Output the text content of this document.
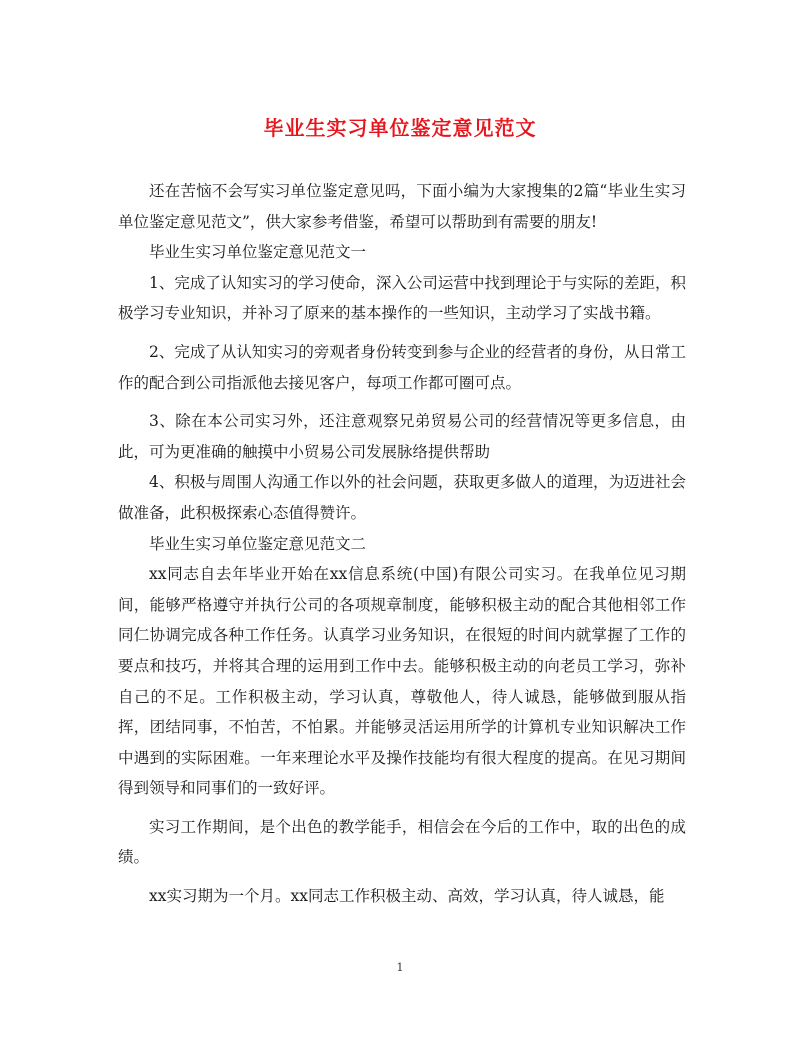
毕业生实习单位鉴定意见范文

还在苦恼不会写实习单位鉴定意见吗，下面小编为大家搜集的2篇“毕业生实习单位鉴定意见范文”，供大家参考借鉴，希望可以帮助到有需要的朋友!

毕业生实习单位鉴定意见范文一

1、完成了认知实习的学习使命，深入公司运营中找到理论于与实际的差距，积极学习专业知识，并补习了原来的基本操作的一些知识，主动学习了实战书籍。

2、完成了从认知实习的旁观者身份转变到参与企业的经营者的身份，从日常工作的配合到公司指派他去接见客户，每项工作都可圈可点。

3、除在本公司实习外，还注意观察兄弟贸易公司的经营情况等更多信息，由此，可为更准确的触摸中小贸易公司发展脉络提供帮助

4、积极与周围人沟通工作以外的社会问题，获取更多做人的道理，为迈进社会做准备，此积极探索心态值得赞许。

毕业生实习单位鉴定意见范文二

xx同志自去年毕业开始在xx信息系统(中国)有限公司实习。在我单位见习期间，能够严格遵守并执行公司的各项规章制度，能够积极主动的配合其他相邻工作同仁协调完成各种工作任务。认真学习业务知识，在很短的时间内就掌握了工作的要点和技巧，并将其合理的运用到工作中去。能够积极主动的向老员工学习，弥补自己的不足。工作积极主动，学习认真，尊敬他人，待人诚恳，能够做到服从指挥，团结同事，不怕苦，不怕累。并能够灵活运用所学的计算机专业知识解决工作中遇到的实际困难。一年来理论水平及操作技能均有很大程度的提高。在见习期间得到领导和同事们的一致好评。

实习工作期间，是个出色的教学能手，相信会在今后的工作中，取的出色的成绩。

xx实习期为一个月。xx同志工作积极主动、高效，学习认真，待人诚恳，能

1
